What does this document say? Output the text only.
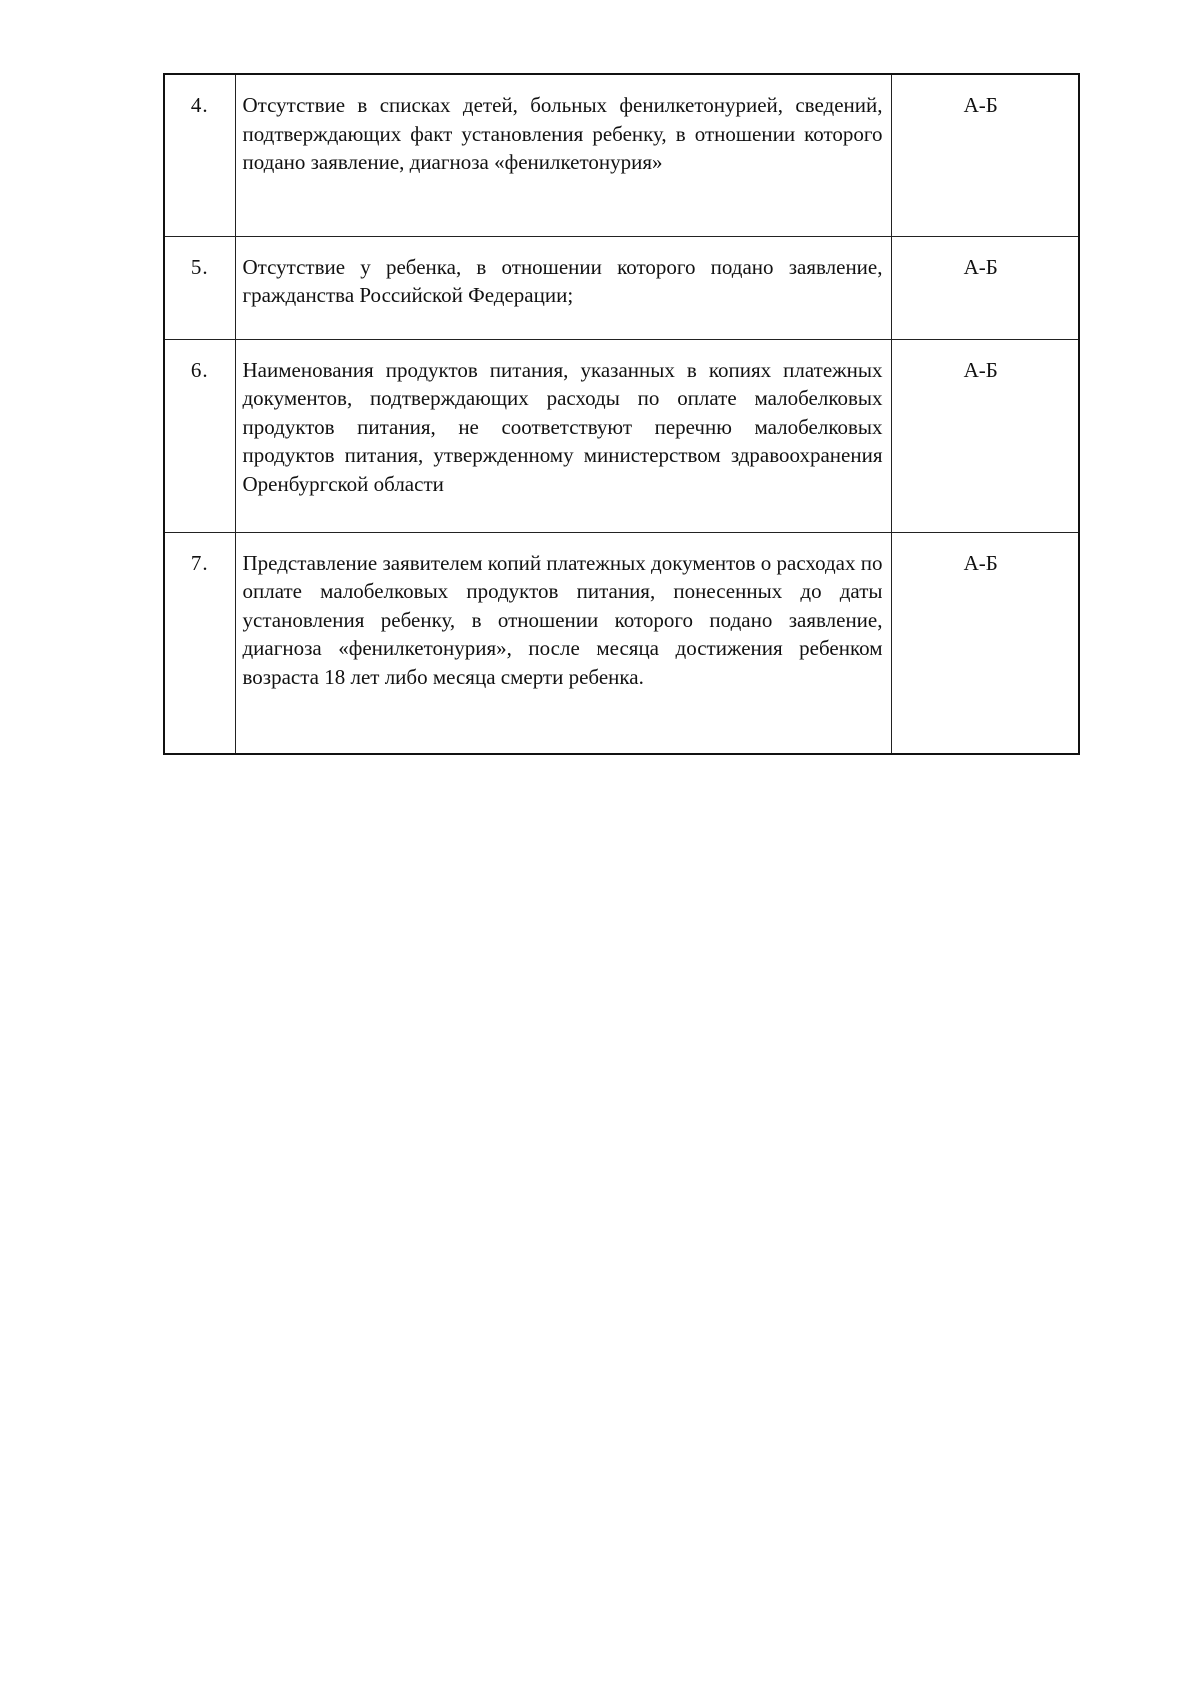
4.	Отсутствие в списках детей, больных фенилкетонурией, сведений, подтверждающих факт установления ребенку, в отношении которого подано заявление, диагноза «фенилкетонурия»	А-Б
5.	Отсутствие у ребенка, в отношении которого подано заявление, гражданства Российской Федерации;	А-Б
6.	Наименования продуктов питания, указанных в копиях платежных документов, подтверждающих расходы по оплате малобелковых продуктов питания, не соответствуют перечню малобелковых продуктов питания, утвержденному министерством здравоохранения Оренбургской области	А-Б
7.	Представление заявителем копий платежных документов о расходах по оплате малобелковых продуктов питания, понесенных до даты установления ребенку, в отношении которого подано заявление, диагноза «фенилкетонурия», после месяца достижения ребенком возраста 18 лет либо месяца смерти ребенка.	А-Б
